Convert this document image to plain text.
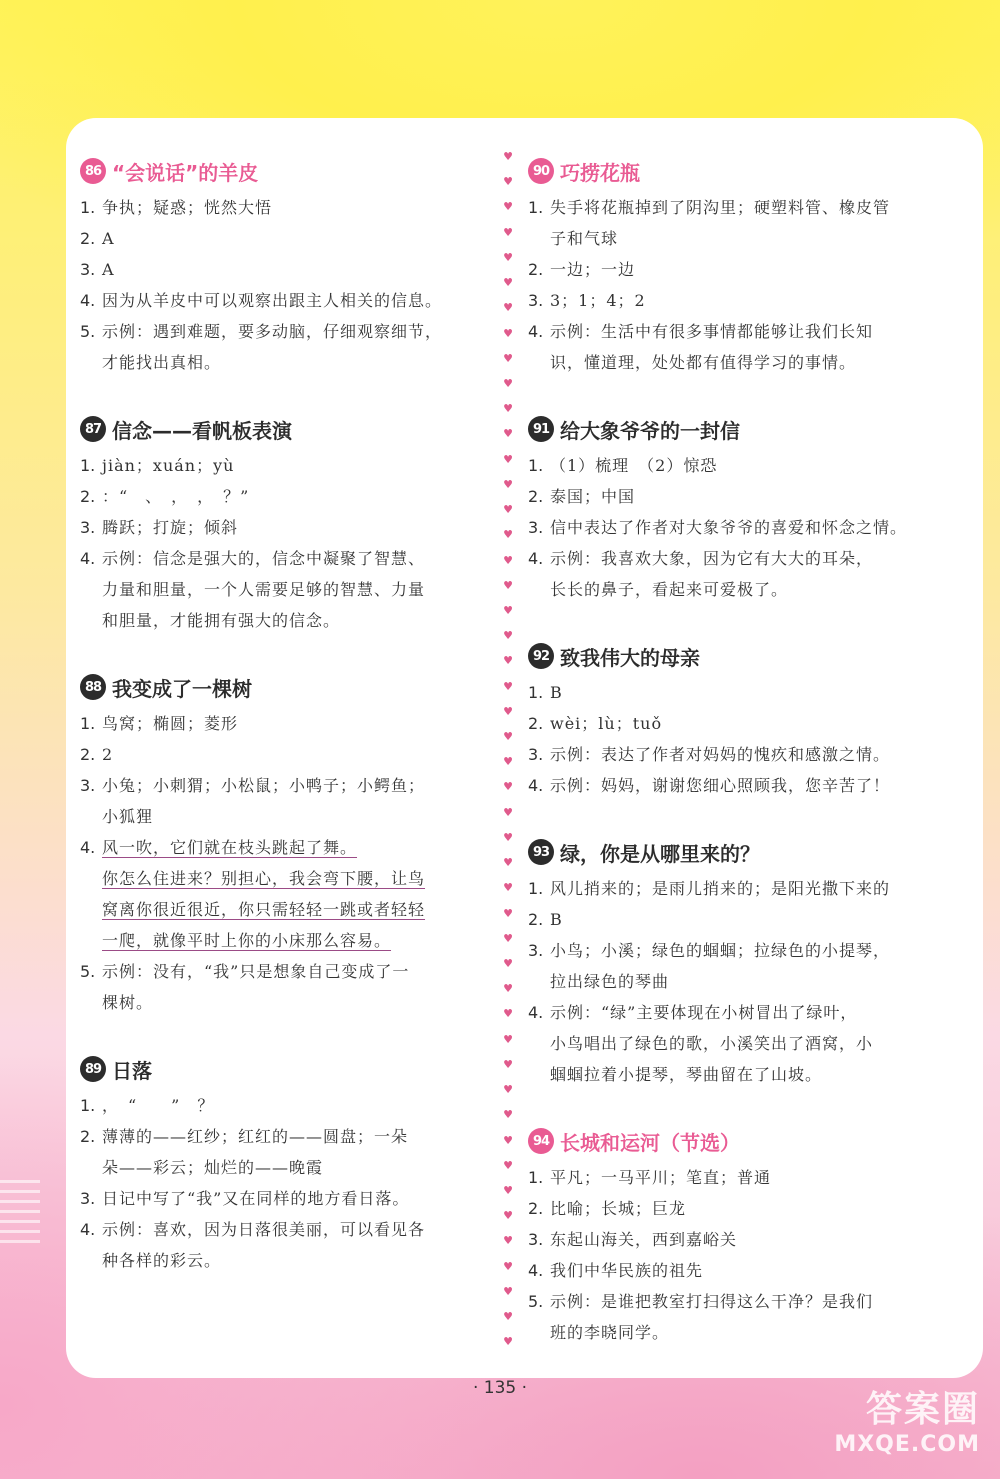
86 “会说话”的羊皮
1. 争执；疑惑；恍然大悟
2. A
3. A
4. 因为从羊皮中可以观察出跟主人相关的信息。
5. 示例：遇到难题，要多动脑，仔细观察细节，
才能找出真相。
87 信念——看帆板表演
1. jiàn；xuán；yù
2. ：“　、　，　，　？”
3. 腾跃；打旋；倾斜
4. 示例：信念是强大的，信念中凝聚了智慧、
力量和胆量，一个人需要足够的智慧、力量
和胆量，才能拥有强大的信念。
88 我变成了一棵树
1. 鸟窝；椭圆；菱形
2. 2
3. 小兔；小刺猬；小松鼠；小鸭子；小鳄鱼；
小狐狸
4. 风一吹，它们就在枝头跳起了舞。
你怎么住进来？别担心，我会弯下腰，让鸟
窝离你很近很近，你只需轻轻一跳或者轻轻
一爬，就像平时上你的小床那么容易。
5. 示例：没有，“我”只是想象自己变成了一
棵树。
89 日落
1. ，　“　　”　？
2. 薄薄的——红纱；红红的——圆盘；一朵
朵——彩云；灿烂的——晚霞
3. 日记中写了“我”又在同样的地方看日落。
4. 示例：喜欢，因为日落很美丽，可以看见各
种各样的彩云。
♥
♥
♥
♥
♥
♥
♥
♥
♥
♥
♥
♥
♥
♥
♥
♥
♥
♥
♥
♥
♥
♥
♥
♥
♥
♥
♥
♥
♥
♥
♥
♥
♥
♥
♥
♥
♥
♥
♥
♥
♥
♥
♥
♥
♥
♥
♥
♥
90 巧捞花瓶
1. 失手将花瓶掉到了阴沟里；硬塑料管、橡皮管
子和气球
2. 一边；一边
3. 3；1；4；2
4. 示例：生活中有很多事情都能够让我们长知
识，懂道理，处处都有值得学习的事情。
91 给大象爷爷的一封信
1. （1）梳理　（2）惊恐
2. 泰国；中国
3. 信中表达了作者对大象爷爷的喜爱和怀念之情。
4. 示例：我喜欢大象，因为它有大大的耳朵，
长长的鼻子，看起来可爱极了。
92 致我伟大的母亲
1. B
2. wèi；lù；tuǒ
3. 示例：表达了作者对妈妈的愧疚和感激之情。
4. 示例：妈妈，谢谢您细心照顾我，您辛苦了！
93 绿，你是从哪里来的？
1. 风儿捎来的；是雨儿捎来的；是阳光撒下来的
2. B
3. 小鸟；小溪；绿色的蝈蝈；拉绿色的小提琴，
拉出绿色的琴曲
4. 示例：“绿”主要体现在小树冒出了绿叶，
小鸟唱出了绿色的歌，小溪笑出了酒窝，小
蝈蝈拉着小提琴，琴曲留在了山坡。
94 长城和运河（节选）
1. 平凡；一马平川；笔直；普通
2. 比喻；长城；巨龙
3. 东起山海关，西到嘉峪关
4. 我们中华民族的祖先
5. 示例：是谁把教室打扫得这么干净？是我们
班的李晓同学。
· 135 ·
答案圈
MXQE.COM
